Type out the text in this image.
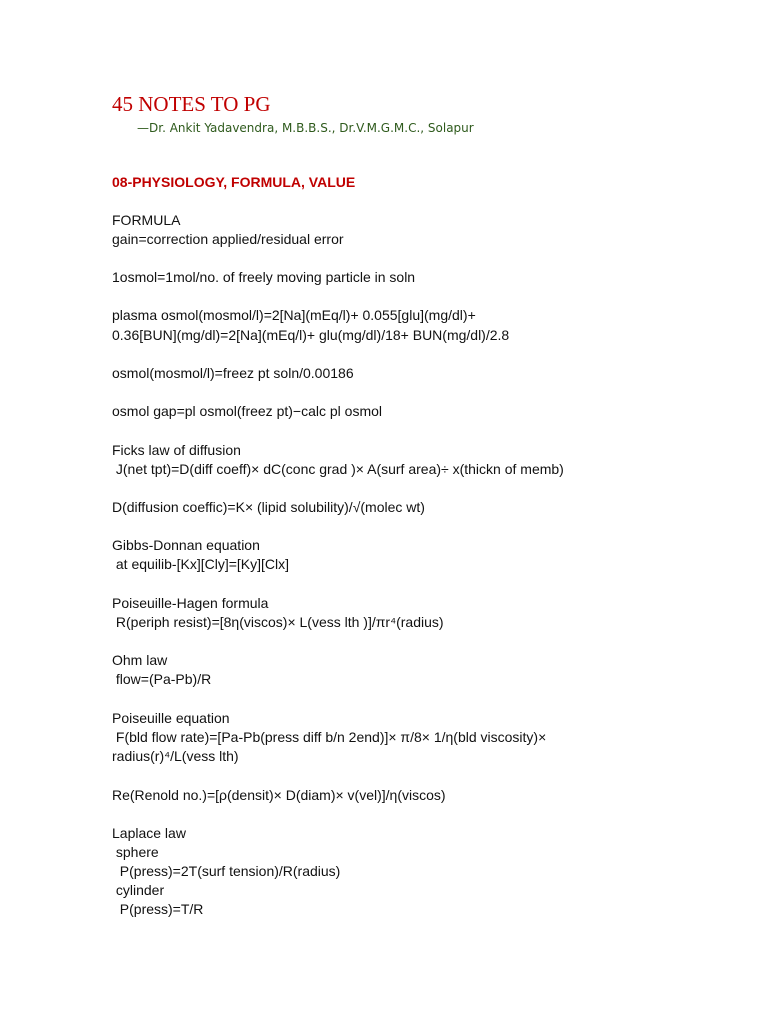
45 NOTES TO PG
—Dr. Ankit Yadavendra, M.B.B.S., Dr.V.M.G.M.C., Solapur
08-PHYSIOLOGY, FORMULA, VALUE
FORMULA
gain=correction applied/residual error
1osmol=1mol/no. of freely moving particle in soln
plasma osmol(mosmol/l)=2[Na](mEq/l)+ 0.055[glu](mg/dl)+
0.36[BUN](mg/dl)=2[Na](mEq/l)+ glu(mg/dl)/18+ BUN(mg/dl)/2.8
osmol(mosmol/l)=freez pt soln/0.00186
osmol gap=pl osmol(freez pt)−calc pl osmol
Ficks law of diffusion
J(net tpt)=D(diff coeff)× dC(conc grad )× A(surf area)÷ x(thickn of memb)
D(diffusion coeffic)=K× (lipid solubility)/√(molec wt)
Gibbs-Donnan equation
at equilib-[Kx][Cly]=[Ky][Clx]
Poiseuille-Hagen formula
R(periph resist)=[8η(viscos)× L(vess lth )]/πr⁴(radius)
Ohm law
flow=(Pa-Pb)/R
Poiseuille equation
F(bld flow rate)=[Pa-Pb(press diff b/n 2end)]× π/8× 1/η(bld viscosity)×
radius(r)⁴/L(vess lth)
Re(Renold no.)=[ρ(densit)× D(diam)× v(vel)]/η(viscos)
Laplace law
sphere
P(press)=2T(surf tension)/R(radius)
cylinder
P(press)=T/R
